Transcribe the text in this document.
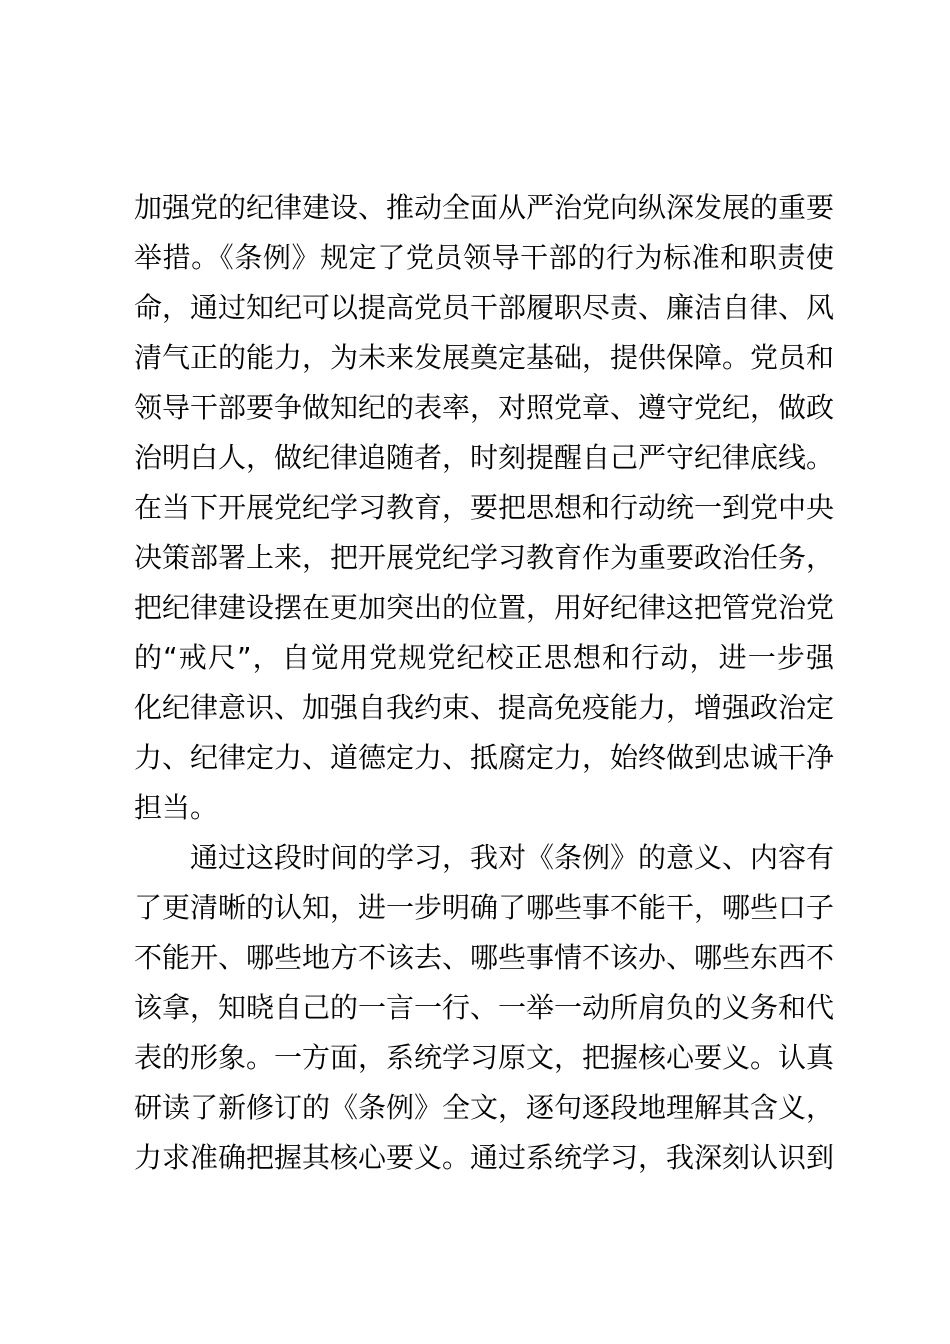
加强党的纪律建设、推动全面从严治党向纵深发展的重要
举措。《条例》规定了党员领导干部的行为标准和职责使
命，通过知纪可以提高党员干部履职尽责、廉洁自律、风
清气正的能力，为未来发展奠定基础，提供保障。党员和
领导干部要争做知纪的表率，对照党章、遵守党纪，做政
治明白人，做纪律追随者，时刻提醒自己严守纪律底线。
在当下开展党纪学习教育，要把思想和行动统一到党中央
决策部署上来，把开展党纪学习教育作为重要政治任务，
把纪律建设摆在更加突出的位置，用好纪律这把管党治党
的“戒尺”，自觉用党规党纪校正思想和行动，进一步强
化纪律意识、加强自我约束、提高免疫能力，增强政治定
力、纪律定力、道德定力、抵腐定力，始终做到忠诚干净
担当。
通过这段时间的学习，我对《条例》的意义、内容有
了更清晰的认知，进一步明确了哪些事不能干，哪些口子
不能开、哪些地方不该去、哪些事情不该办、哪些东西不
该拿，知晓自己的一言一行、一举一动所肩负的义务和代
表的形象。一方面，系统学习原文，把握核心要义。认真
研读了新修订的《条例》全文，逐句逐段地理解其含义，
力求准确把握其核心要义。通过系统学习，我深刻认识到
